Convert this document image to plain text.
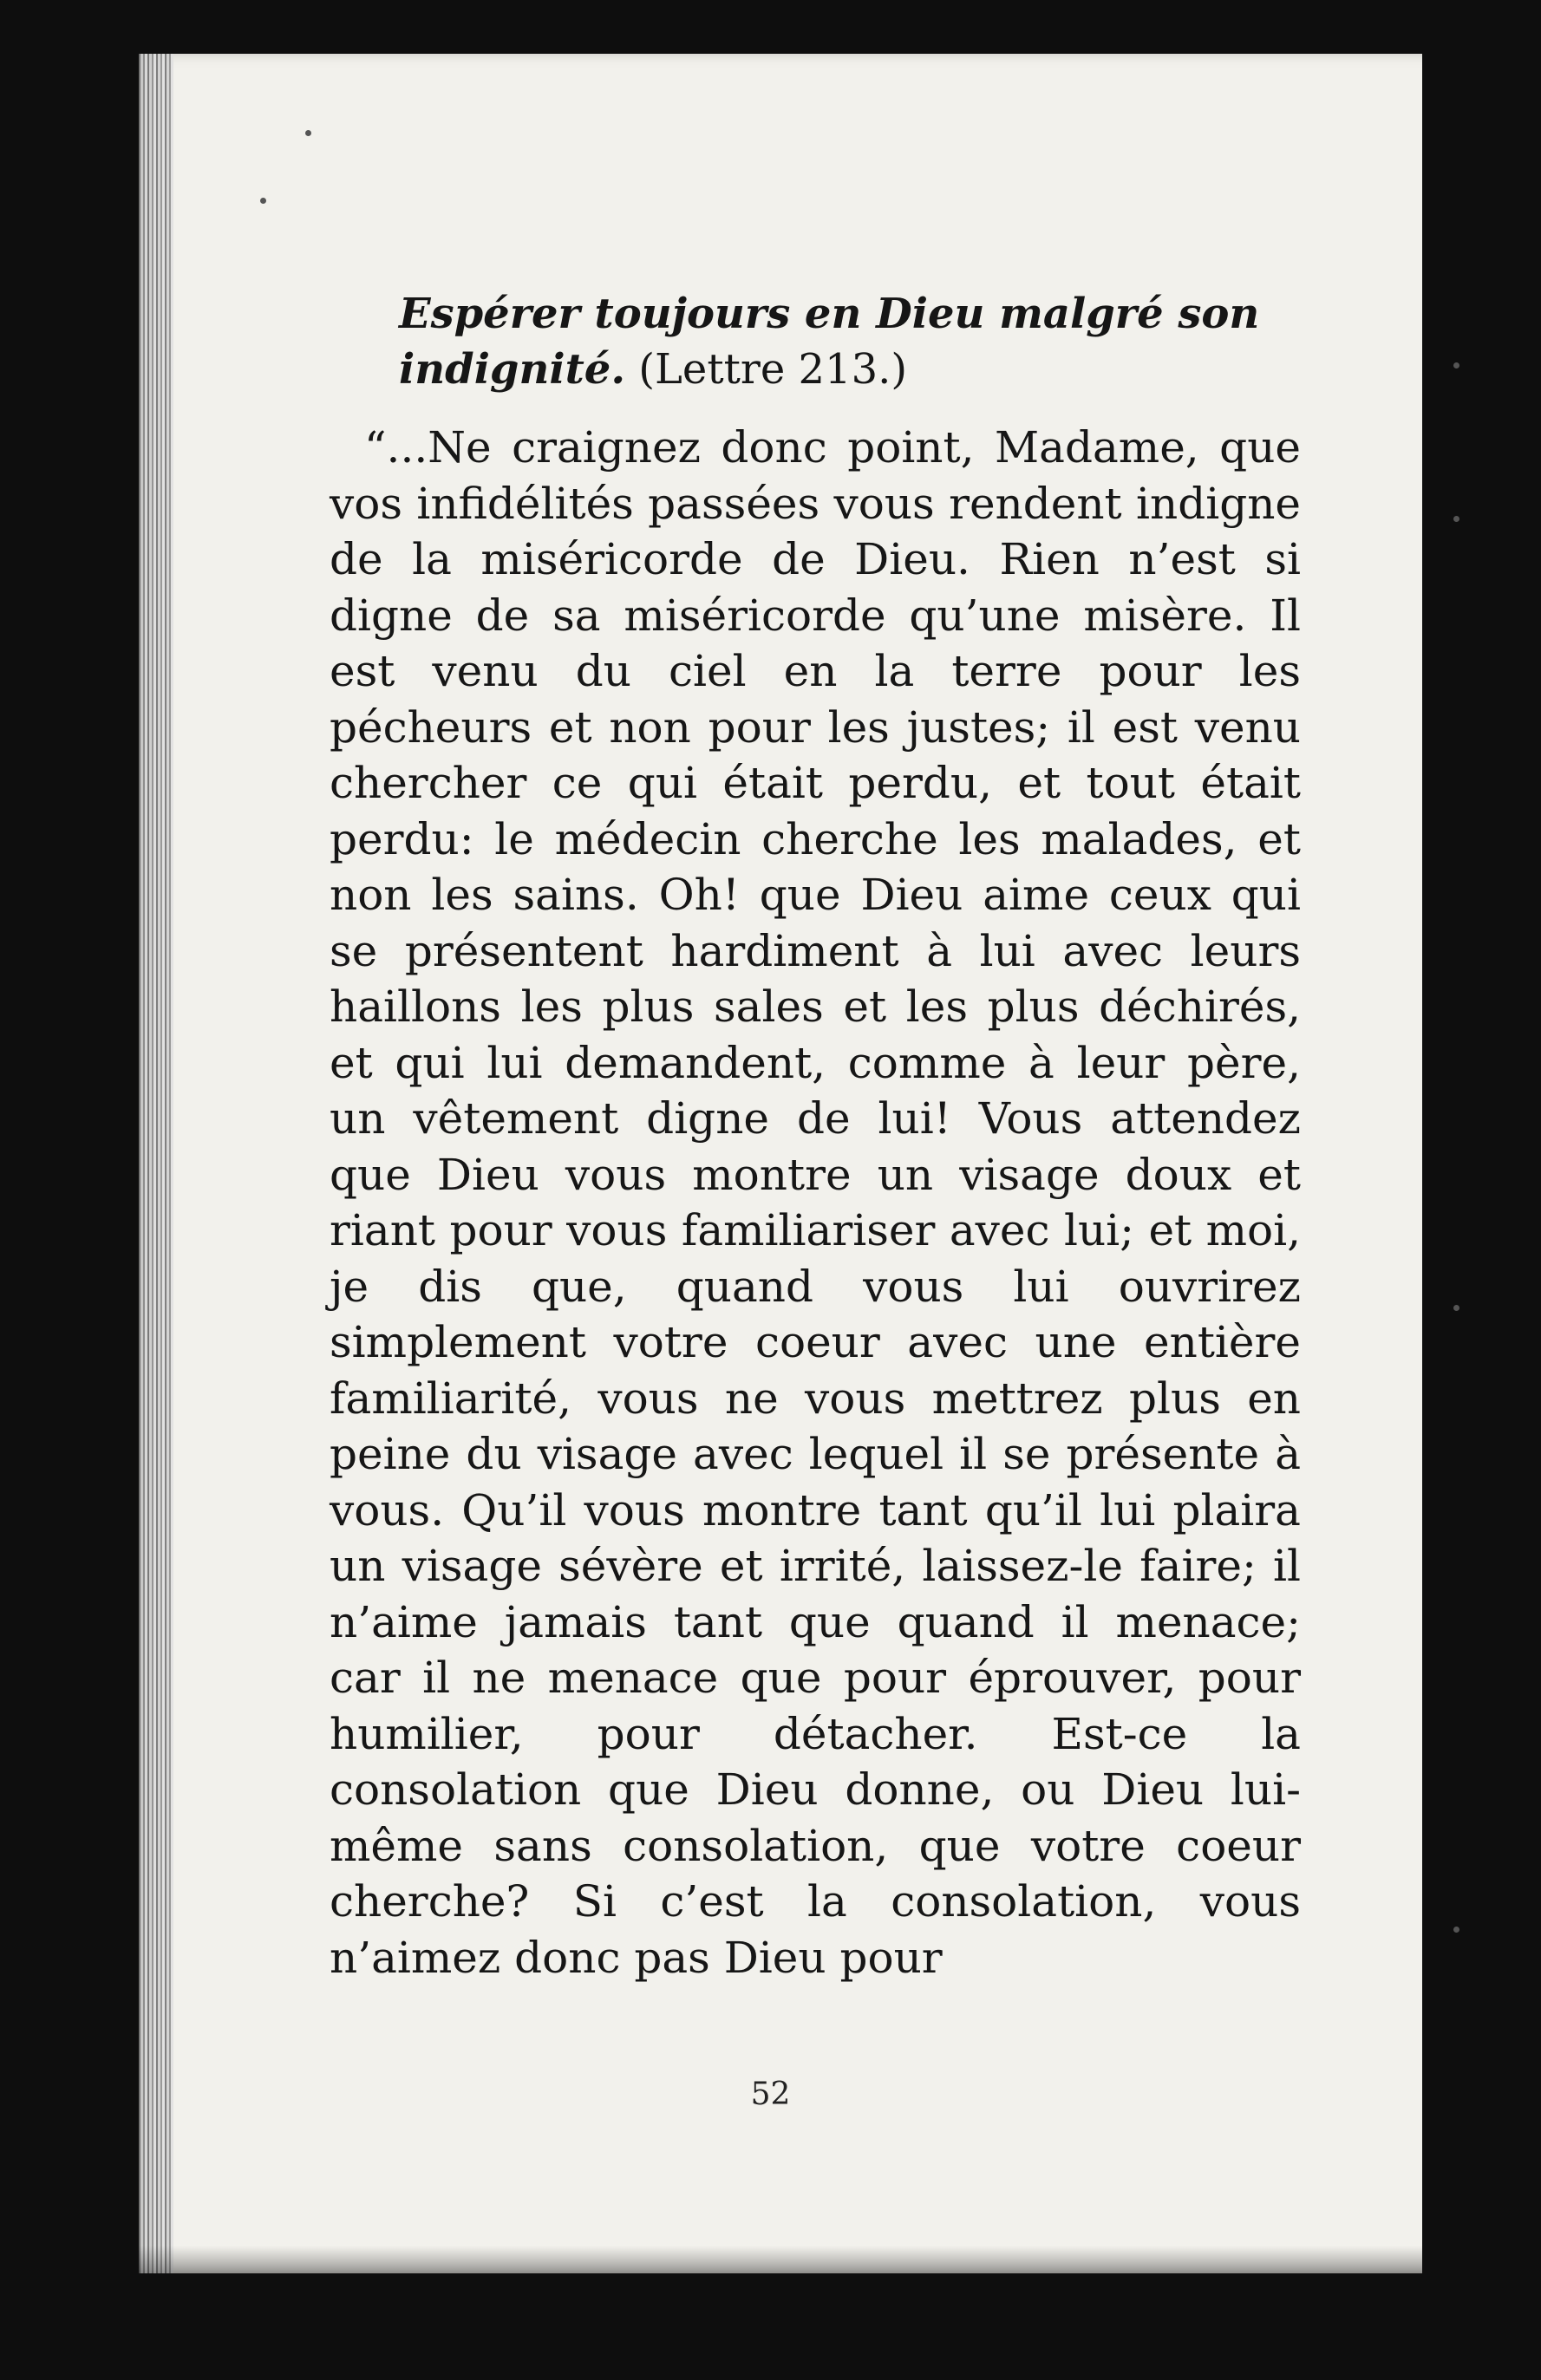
Espérer toujours en Dieu malgré son indignité. (Lettre 213.)

“...Ne craignez donc point, Madame, que vos infidélités passées vous rendent indigne de la miséricorde de Dieu. Rien n’est si digne de sa miséricorde qu’une misère. Il est venu du ciel en la terre pour les pécheurs et non pour les justes; il est venu chercher ce qui était perdu, et tout était perdu: le médecin cherche les malades, et non les sains. Oh! que Dieu aime ceux qui se présentent hardiment à lui avec leurs haillons les plus sales et les plus déchirés, et qui lui demandent, comme à leur père, un vêtement digne de lui! Vous attendez que Dieu vous montre un visage doux et riant pour vous familiariser avec lui; et moi, je dis que, quand vous lui ouvrirez simplement votre coeur avec une entière familiarité, vous ne vous mettrez plus en peine du visage avec lequel il se présente à vous. Qu’il vous montre tant qu’il lui plaira un visage sévère et irrité, laissez-le faire; il n’aime jamais tant que quand il menace; car il ne menace que pour éprouver, pour humilier, pour détacher. Est-ce la consolation que Dieu donne, ou Dieu lui-même sans consolation, que votre coeur cherche? Si c’est la consolation, vous n’aimez donc pas Dieu pour

52
